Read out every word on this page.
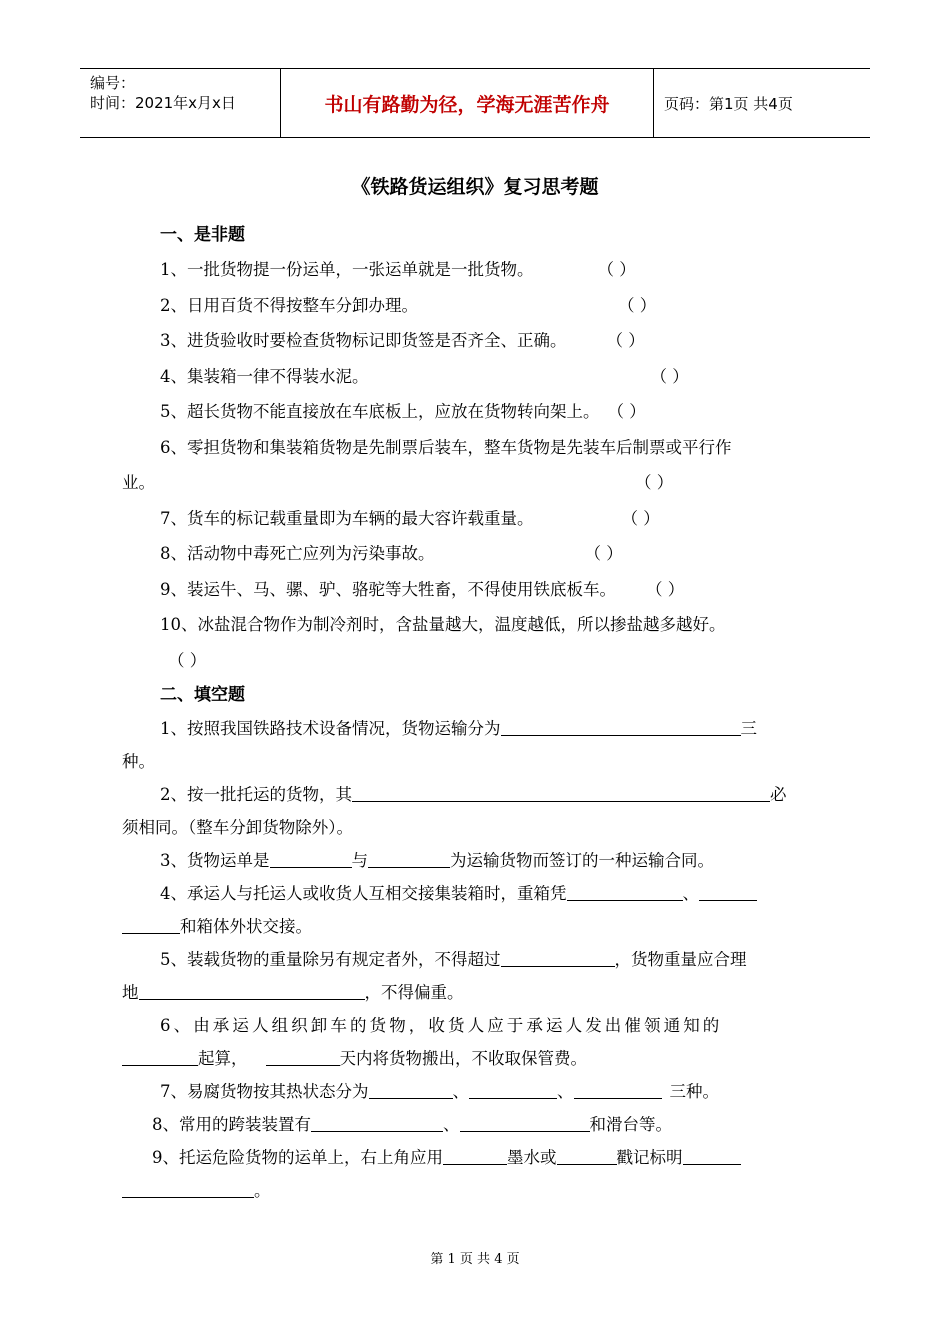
编号：
时间：2021年x月x日	书山有路勤为径，学海无涯苦作舟	页码：第1页 共4页
《铁路货运组织》复习思考题
一、是非题
1、一批货物提一份运单，一张运单就是一批货物。	（ ）
2、日用百货不得按整车分卸办理。	（ ）
3、进货验收时要检查货物标记即货签是否齐全、正确。 （ ）
4、集装箱一律不得装水泥。	（ ）
5、超长货物不能直接放在车底板上，应放在货物转向架上。 （ ）
6、零担货物和集装箱货物是先制票后装车，整车货物是先装车后制票或平行作
业。	（ ）
7、货车的标记载重量即为车辆的最大容许载重量。	（ ）
8、活动物中毒死亡应列为污染事故。	（ ）
9、装运牛、马、骡、驴、骆驼等大牲畜，不得使用铁底板车。 （ ）
10、冰盐混合物作为制冷剂时，含盐量越大，温度越低，所以掺盐越多越好。
（ ）
二、填空题
1、按照我国铁路技术设备情况，货物运输分为	三
种。
2、按一批托运的货物，其	必
须相同。（整车分卸货物除外）。
3、货物运单是	与	为运输货物而签订的一种运输合同。
4、承运人与托运人或收货人互相交接集装箱时，重箱凭	、
和箱体外状交接。
5、装载货物的重量除另有规定者外，不得超过	，货物重量应合理
地	，不得偏重。
6、由承运人组织卸车的货物，收货人应于承运人发出催领通知的
起算，	天内将货物搬出，不收取保管费。
7、易腐货物按其热状态分为	、	、	三种。
8、常用的跨装装置有	、	和滑台等。
9、托运危险货物的运单上，右上角应用	墨水或	戳记标明
。
第 1 页 共 4 页
